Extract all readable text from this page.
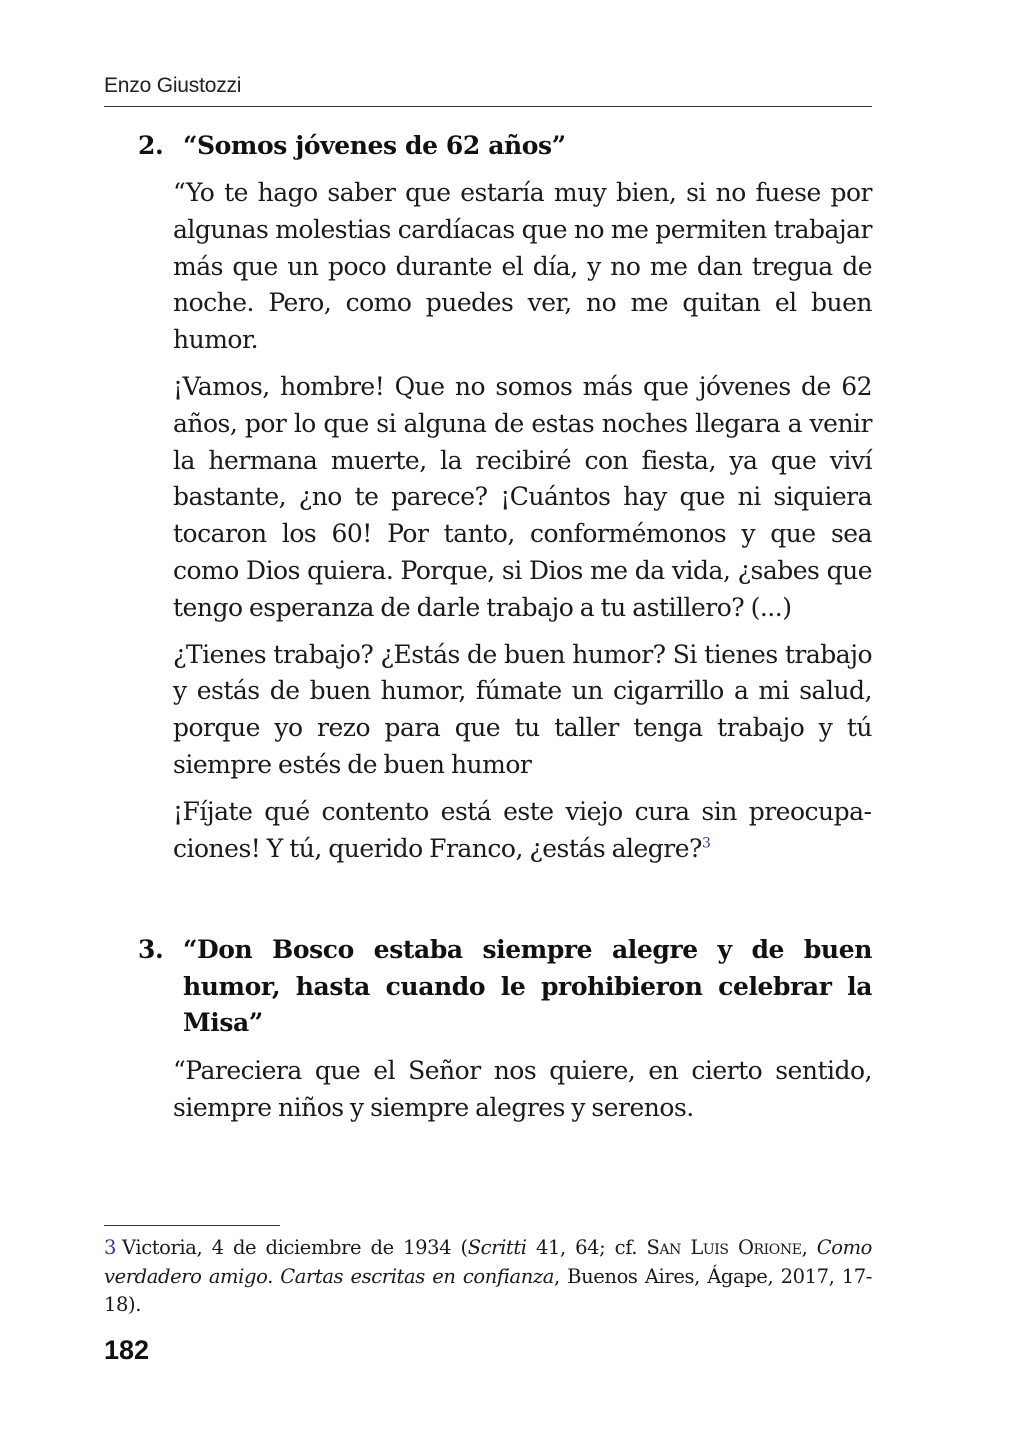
Enzo Giustozzi
2. “Somos jóvenes de 62 años”

“Yo te hago saber que estaría muy bien, si no fuese por algunas molestias cardíacas que no me permiten trabajar más que un poco durante el día, y no me dan tregua de noche. Pero, como puedes ver, no me quitan el buen humor.

¡Vamos, hombre! Que no somos más que jóvenes de 62 años, por lo que si alguna de estas noches llegara a venir la hermana muerte, la recibiré con fiesta, ya que viví bastante, ¿no te parece? ¡Cuántos hay que ni siquiera tocaron los 60! Por tanto, conformémonos y que sea como Dios quiera. Porque, si Dios me da vida, ¿sabes que tengo esperanza de darle trabajo a tu astillero? (...)

¿Tienes trabajo? ¿Estás de buen humor? Si tienes trabajo y estás de buen humor, fúmate un cigarrillo a mi salud, porque yo rezo para que tu taller tenga trabajo y tú siempre estés de buen humor

¡Fíjate qué contento está este viejo cura sin preocupaciones! Y tú, querido Franco, ¿estás alegre?$^3$

3. “Don Bosco estaba siempre alegre y de buen humor, hasta cuando le prohibieron celebrar la Misa”

“Pareciera que el Señor nos quiere, en cierto sentido, siempre niños y siempre alegres y serenos.

3 Victoria, 4 de diciembre de 1934 (Scritti 41, 64; cf. San Luis Orione, Como verdadero amigo. Cartas escritas en confianza, Buenos Aires, Ágape, 2017, 17-18).

182
